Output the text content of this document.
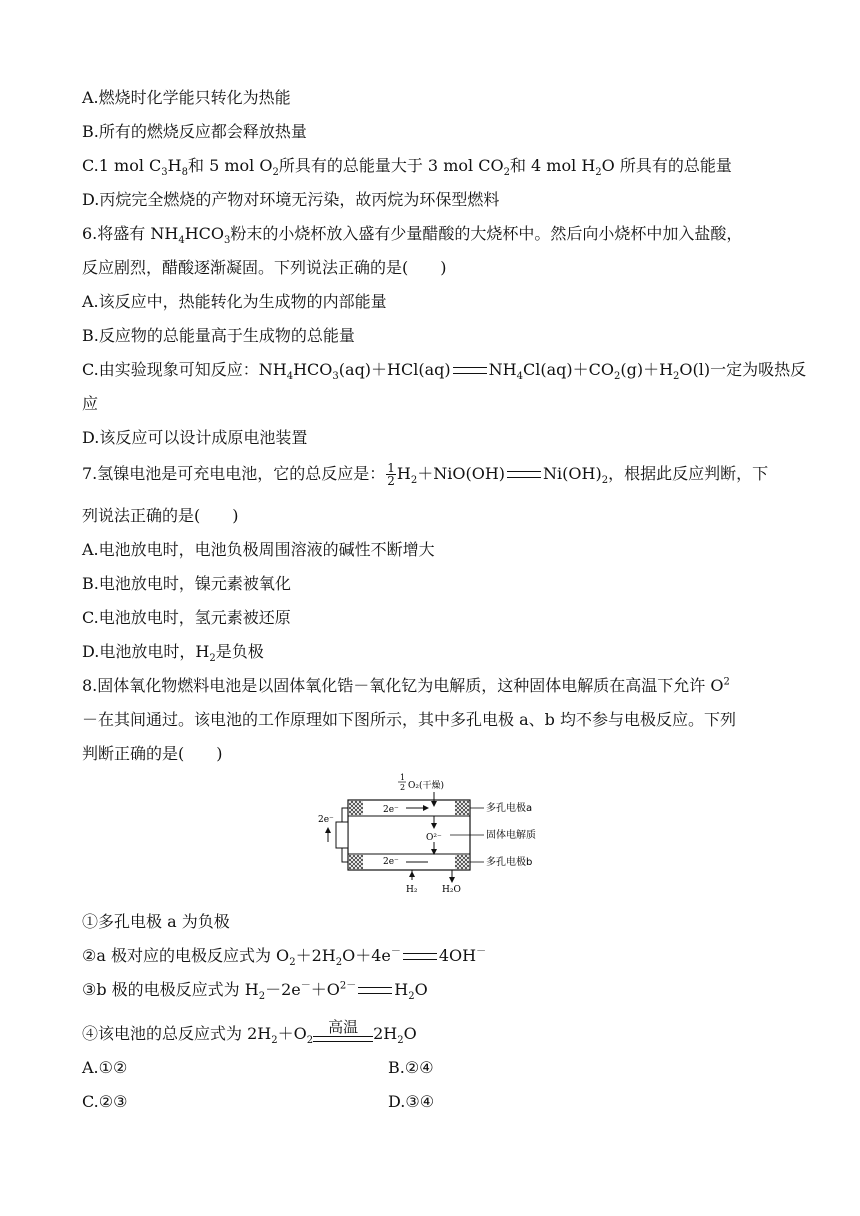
A.燃烧时化学能只转化为热能
B.所有的燃烧反应都会释放热量
C.1 mol $C_3H_8$和 5 mol $O_2$所具有的总能量大于 3 mol $CO_2$和 4 mol $H_2O$ 所具有的总能量
D.丙烷完全燃烧的产物对环境无污染，故丙烷为环保型燃料
6.将盛有 $NH_4HCO_3$粉末的小烧杯放入盛有少量醋酸的大烧杯中。然后向小烧杯中加入盐酸，
反应剧烈，醋酸逐渐凝固。下列说法正确的是(　　)
A.该反应中，热能转化为生成物的内部能量
B.反应物的总能量高于生成物的总能量
C.由实验现象可知反应：$NH_4HCO_3(aq)+HCl(aq)$ $NH_4Cl(aq)+CO_2(g)+H_2O(l)$一定为吸热反
应
D.该反应可以设计成原电池装置
7.氢镍电池是可充电电池，它的总反应是： $\frac{1}{2} H_2+NiO(OH)$ $Ni(OH)_2$，根据此反应判断，下
列说法正确的是(　　)
A.电池放电时，电池负极周围溶液的碱性不断增大
B.电池放电时，镍元素被氧化
C.电池放电时，氢元素被还原
D.电池放电时，$H_2$是负极
8.固体氧化物燃料电池是以固体氧化锆－氧化钇为电解质，这种固体电解质在高温下允许 $O^2$
－在其间通过。该电池的工作原理如下图所示，其中多孔电极 a、b 均不参与电极反应。下列
判断正确的是(　　)
2e⁻
2e⁻
2e⁻
1
2 O₂(干燥)
O²⁻
H₂	H₂O
多孔电极a
固体电解质
多孔电极b
①多孔电极 a 为负极
②a 极对应的电极反应式为 $O_2+2H_2O+4e^-$ 4OH－
③b 极的电极反应式为 $H_2-2e^-+O^{2-}$ $H_2O$
④该电池的总反应式为 $2H_2+O_2$
高温 $2H_2O$
A.①②	B.②④
C.②③	D.③④
